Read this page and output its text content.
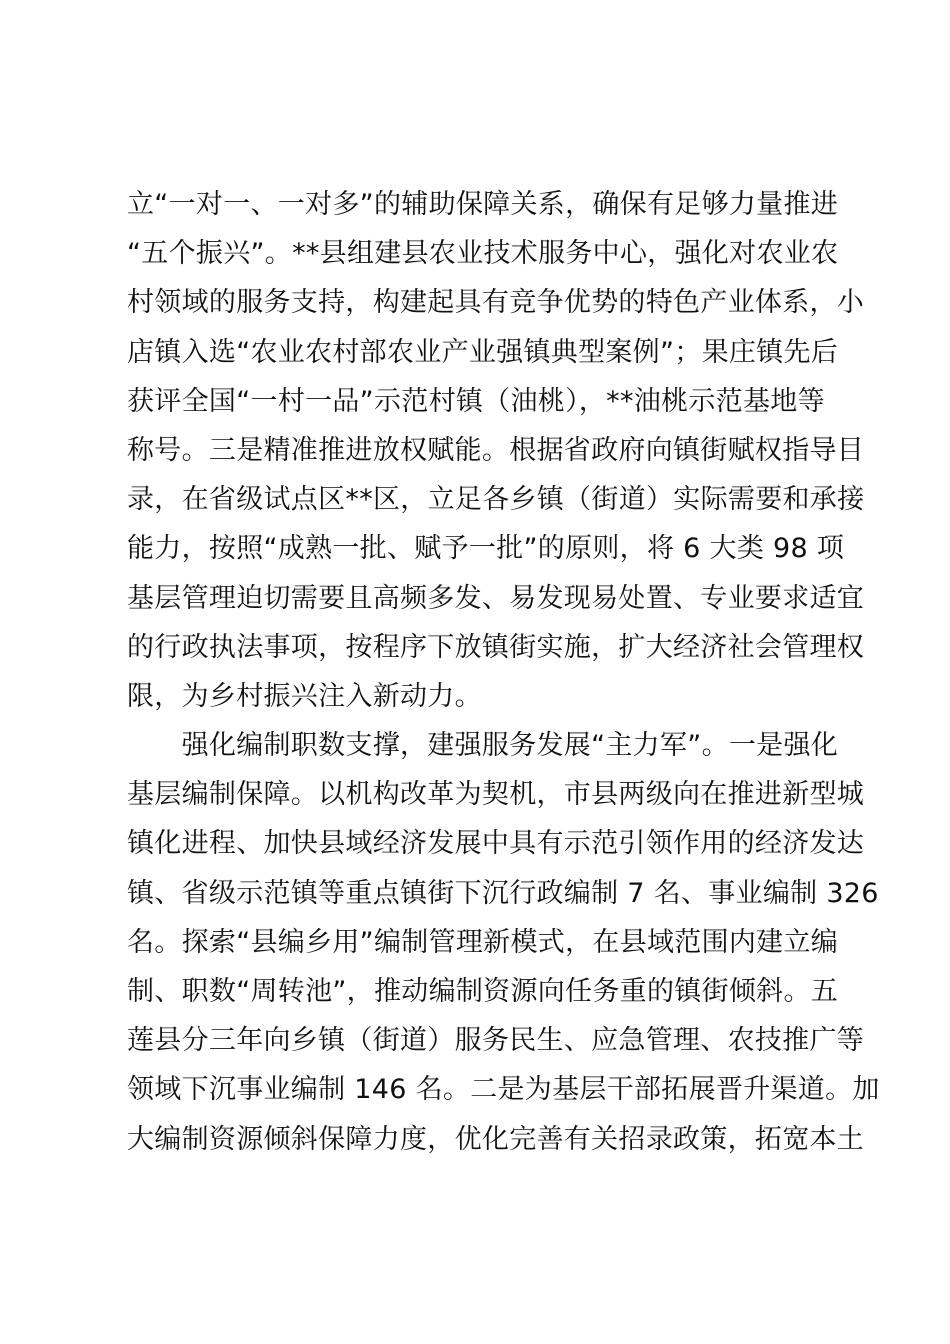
立“一对一、一对多”的辅助保障关系，确保有足够力量推进
“五个振兴”。**县组建县农业技术服务中心，强化对农业农
村领域的服务支持，构建起具有竞争优势的特色产业体系，小
店镇入选“农业农村部农业产业强镇典型案例”；果庄镇先后
获评全国“一村一品”示范村镇（油桃），**油桃示范基地等
称号。三是精准推进放权赋能。根据省政府向镇街赋权指导目
录，在省级试点区**区，立足各乡镇（街道）实际需要和承接
能力，按照“成熟一批、赋予一批”的原则，将 6 大类 98 项
基层管理迫切需要且高频多发、易发现易处置、专业要求适宜
的行政执法事项，按程序下放镇街实施，扩大经济社会管理权
限，为乡村振兴注入新动力。
　　强化编制职数支撑，建强服务发展“主力军”。一是强化
基层编制保障。以机构改革为契机，市县两级向在推进新型城
镇化进程、加快县域经济发展中具有示范引领作用的经济发达
镇、省级示范镇等重点镇街下沉行政编制 7 名、事业编制 326
名。探索“县编乡用”编制管理新模式，在县域范围内建立编
制、职数“周转池”，推动编制资源向任务重的镇街倾斜。五
莲县分三年向乡镇（街道）服务民生、应急管理、农技推广等
领域下沉事业编制 146 名。二是为基层干部拓展晋升渠道。加
大编制资源倾斜保障力度，优化完善有关招录政策，拓宽本土
